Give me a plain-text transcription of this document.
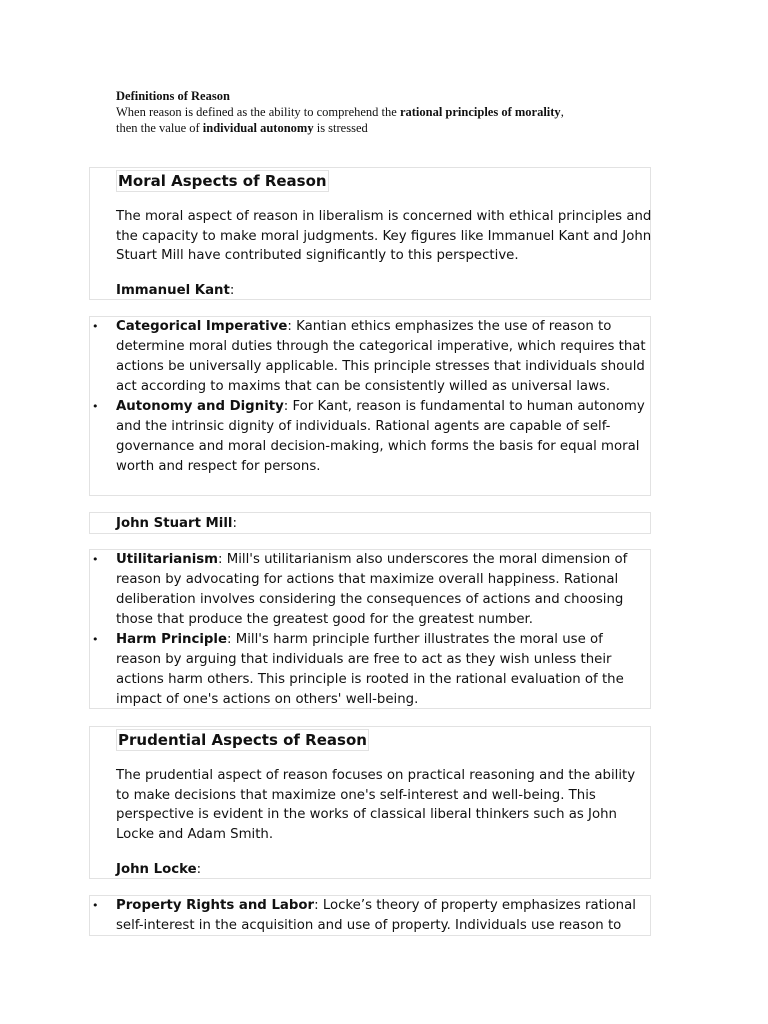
Definitions of Reason
When reason is defined as the ability to comprehend the rational principles of morality,
then the value of individual autonomy is stressed
Moral Aspects of Reason

The moral aspect of reason in liberalism is concerned with ethical principles and the capacity to make moral judgments. Key figures like Immanuel Kant and John Stuart Mill have contributed significantly to this perspective.

Immanuel Kant:
• Categorical Imperative: Kantian ethics emphasizes the use of reason to determine moral duties through the categorical imperative, which requires that actions be universally applicable. This principle stresses that individuals should act according to maxims that can be consistently willed as universal laws.
• Autonomy and Dignity: For Kant, reason is fundamental to human autonomy and the intrinsic dignity of individuals. Rational agents are capable of self-governance and moral decision-making, which forms the basis for equal moral worth and respect for persons.
John Stuart Mill:
• Utilitarianism: Mill's utilitarianism also underscores the moral dimension of reason by advocating for actions that maximize overall happiness. Rational deliberation involves considering the consequences of actions and choosing those that produce the greatest good for the greatest number.
• Harm Principle: Mill's harm principle further illustrates the moral use of reason by arguing that individuals are free to act as they wish unless their actions harm others. This principle is rooted in the rational evaluation of the impact of one's actions on others' well-being.
Prudential Aspects of Reason

The prudential aspect of reason focuses on practical reasoning and the ability to make decisions that maximize one's self-interest and well-being. This perspective is evident in the works of classical liberal thinkers such as John Locke and Adam Smith.

John Locke:
• Property Rights and Labor: Locke’s theory of property emphasizes rational self-interest in the acquisition and use of property. Individuals use reason to
